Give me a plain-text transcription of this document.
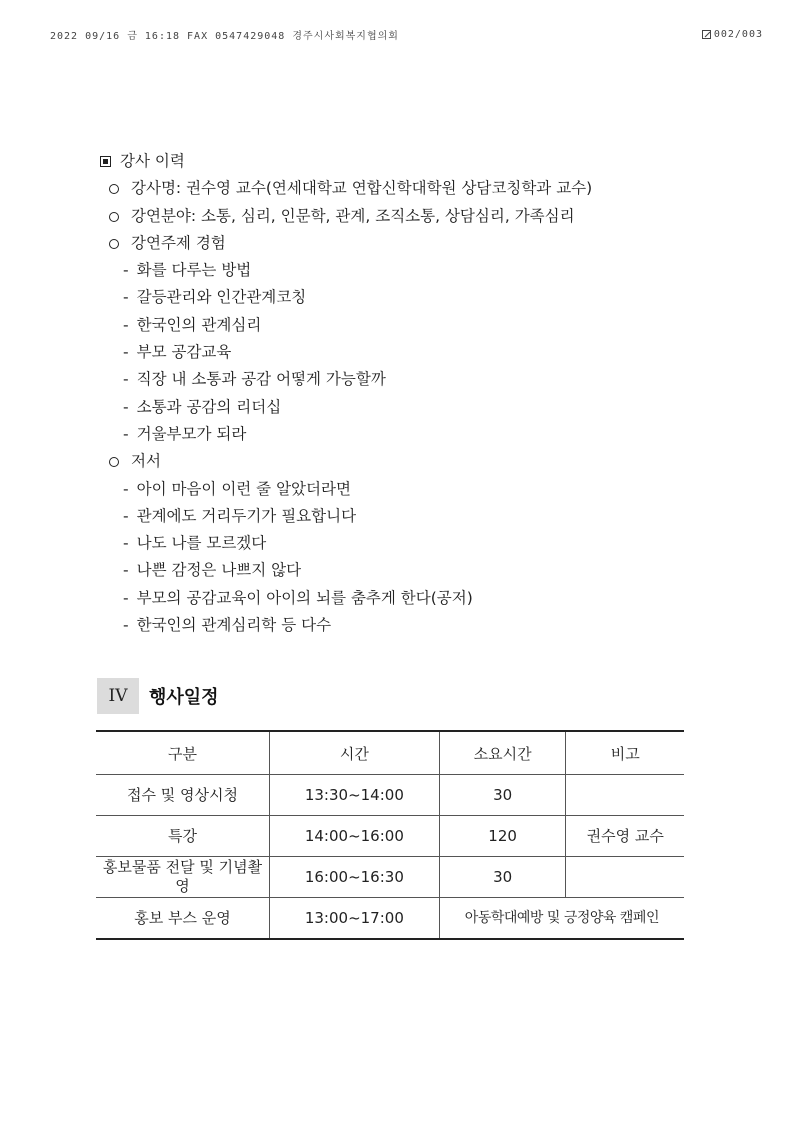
2022 09/16 금 16:18 FAX 0547429048 경주시사회복지협의회	002/003
강사 이력
강사명: 권수영 교수(연세대학교 연합신학대학원 상담코칭학과 교수)
강연분야: 소통, 심리, 인문학, 관계, 조직소통, 상담심리, 가족심리
강연주제 경험
- 화를 다루는 방법
- 갈등관리와 인간관계코칭
- 한국인의 관계심리
- 부모 공감교육
- 직장 내 소통과 공감 어떻게 가능할까
- 소통과 공감의 리더십
- 거울부모가 되라
저서
- 아이 마음이 이런 줄 알았더라면
- 관계에도 거리두기가 필요합니다
- 나도 나를 모르겠다
- 나쁜 감정은 나쁘지 않다
- 부모의 공감교육이 아이의 뇌를 춤추게 한다(공저)
- 한국인의 관계심리학 등 다수
IV	행사일정
구분	시간	소요시간	비고
접수 및 영상시청	13:30~14:00	30	
특강	14:00~16:00	120	권수영 교수
홍보물품 전달 및 기념촬영	16:00~16:30	30	
홍보 부스 운영	13:00~17:00	아동학대예방 및 긍정양육 캠페인	
